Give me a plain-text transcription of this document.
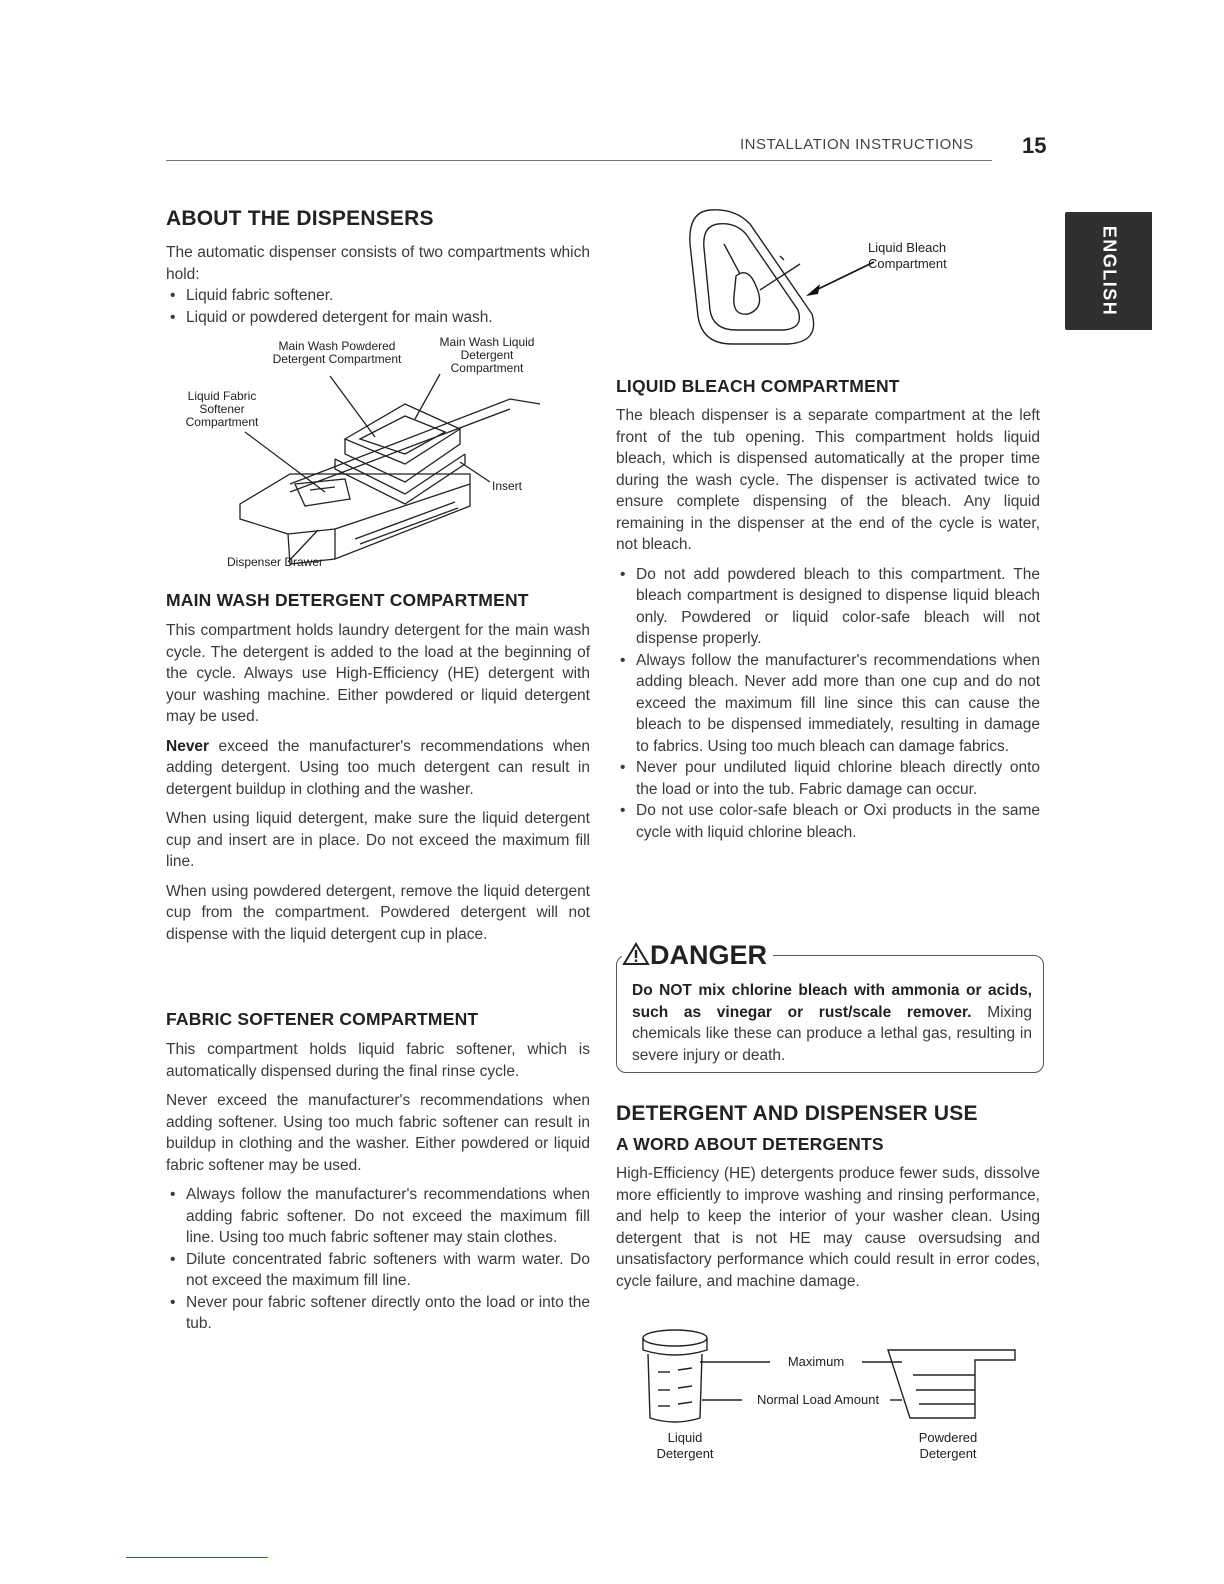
INSTALLATION INSTRUCTIONS 15
ENGLISH
ABOUT THE DISPENSERS

The automatic dispenser consists of two compartments which hold:

• Liquid fabric softener.
• Liquid or powdered detergent for main wash.
Main Wash Powdered Detergent Compartment
Main Wash Liquid Detergent Compartment
Liquid Fabric Softener Compartment
Insert
Dispenser Drawer
MAIN WASH DETERGENT COMPARTMENT

This compartment holds laundry detergent for the main wash cycle. The detergent is added to the load at the beginning of the cycle. Always use High-Efficiency (HE) detergent with your washing machine. Either powdered or liquid detergent may be used.

Never exceed the manufacturer's recommendations when adding detergent. Using too much detergent can result in detergent buildup in clothing and the washer.

When using liquid detergent, make sure the liquid detergent cup and insert are in place. Do not exceed the maximum fill line.

When using powdered detergent, remove the liquid detergent cup from the compartment. Powdered detergent will not dispense with the liquid detergent cup in place.

FABRIC SOFTENER COMPARTMENT

This compartment holds liquid fabric softener, which is automatically dispensed during the final rinse cycle.

Never exceed the manufacturer's recommendations when adding softener. Using too much fabric softener can result in buildup in clothing and the washer. Either powdered or liquid fabric softener may be used.

• Always follow the manufacturer's recommendations when adding fabric softener. Do not exceed the maximum fill line. Using too much fabric softener may stain clothes.
• Dilute concentrated fabric softeners with warm water. Do not exceed the maximum fill line.
• Never pour fabric softener directly onto the load or into the tub.
Liquid Bleach Compartment
LIQUID BLEACH COMPARTMENT

The bleach dispenser is a separate compartment at the left front of the tub opening. This compartment holds liquid bleach, which is dispensed automatically at the proper time during the wash cycle. The dispenser is activated twice to ensure complete dispensing of the bleach. Any liquid remaining in the dispenser at the end of the cycle is water, not bleach.

• Do not add powdered bleach to this compartment. The bleach compartment is designed to dispense liquid bleach only. Powdered or liquid color-safe bleach will not dispense properly.
• Always follow the manufacturer's recommendations when adding bleach. Never add more than one cup and do not exceed the maximum fill line since this can cause the bleach to be dispensed immediately, resulting in damage to fabrics. Using too much bleach can damage fabrics.
• Never pour undiluted liquid chlorine bleach directly onto the load or into the tub. Fabric damage can occur.
• Do not use color-safe bleach or Oxi products in the same cycle with liquid chlorine bleach.
DANGER
Do NOT mix chlorine bleach with ammonia or acids, such as vinegar or rust/scale remover. Mixing chemicals like these can produce a lethal gas, resulting in severe injury or death.
DETERGENT AND DISPENSER USE
A WORD ABOUT DETERGENTS

High-Efficiency (HE) detergents produce fewer suds, dissolve more efficiently to improve washing and rinsing performance, and help to keep the interior of your washer clean. Using detergent that is not HE may cause oversudsing and unsatisfactory performance which could result in error codes, cycle failure, and machine damage.

Maximum
Normal Load Amount
Liquid Detergent
Powdered Detergent
